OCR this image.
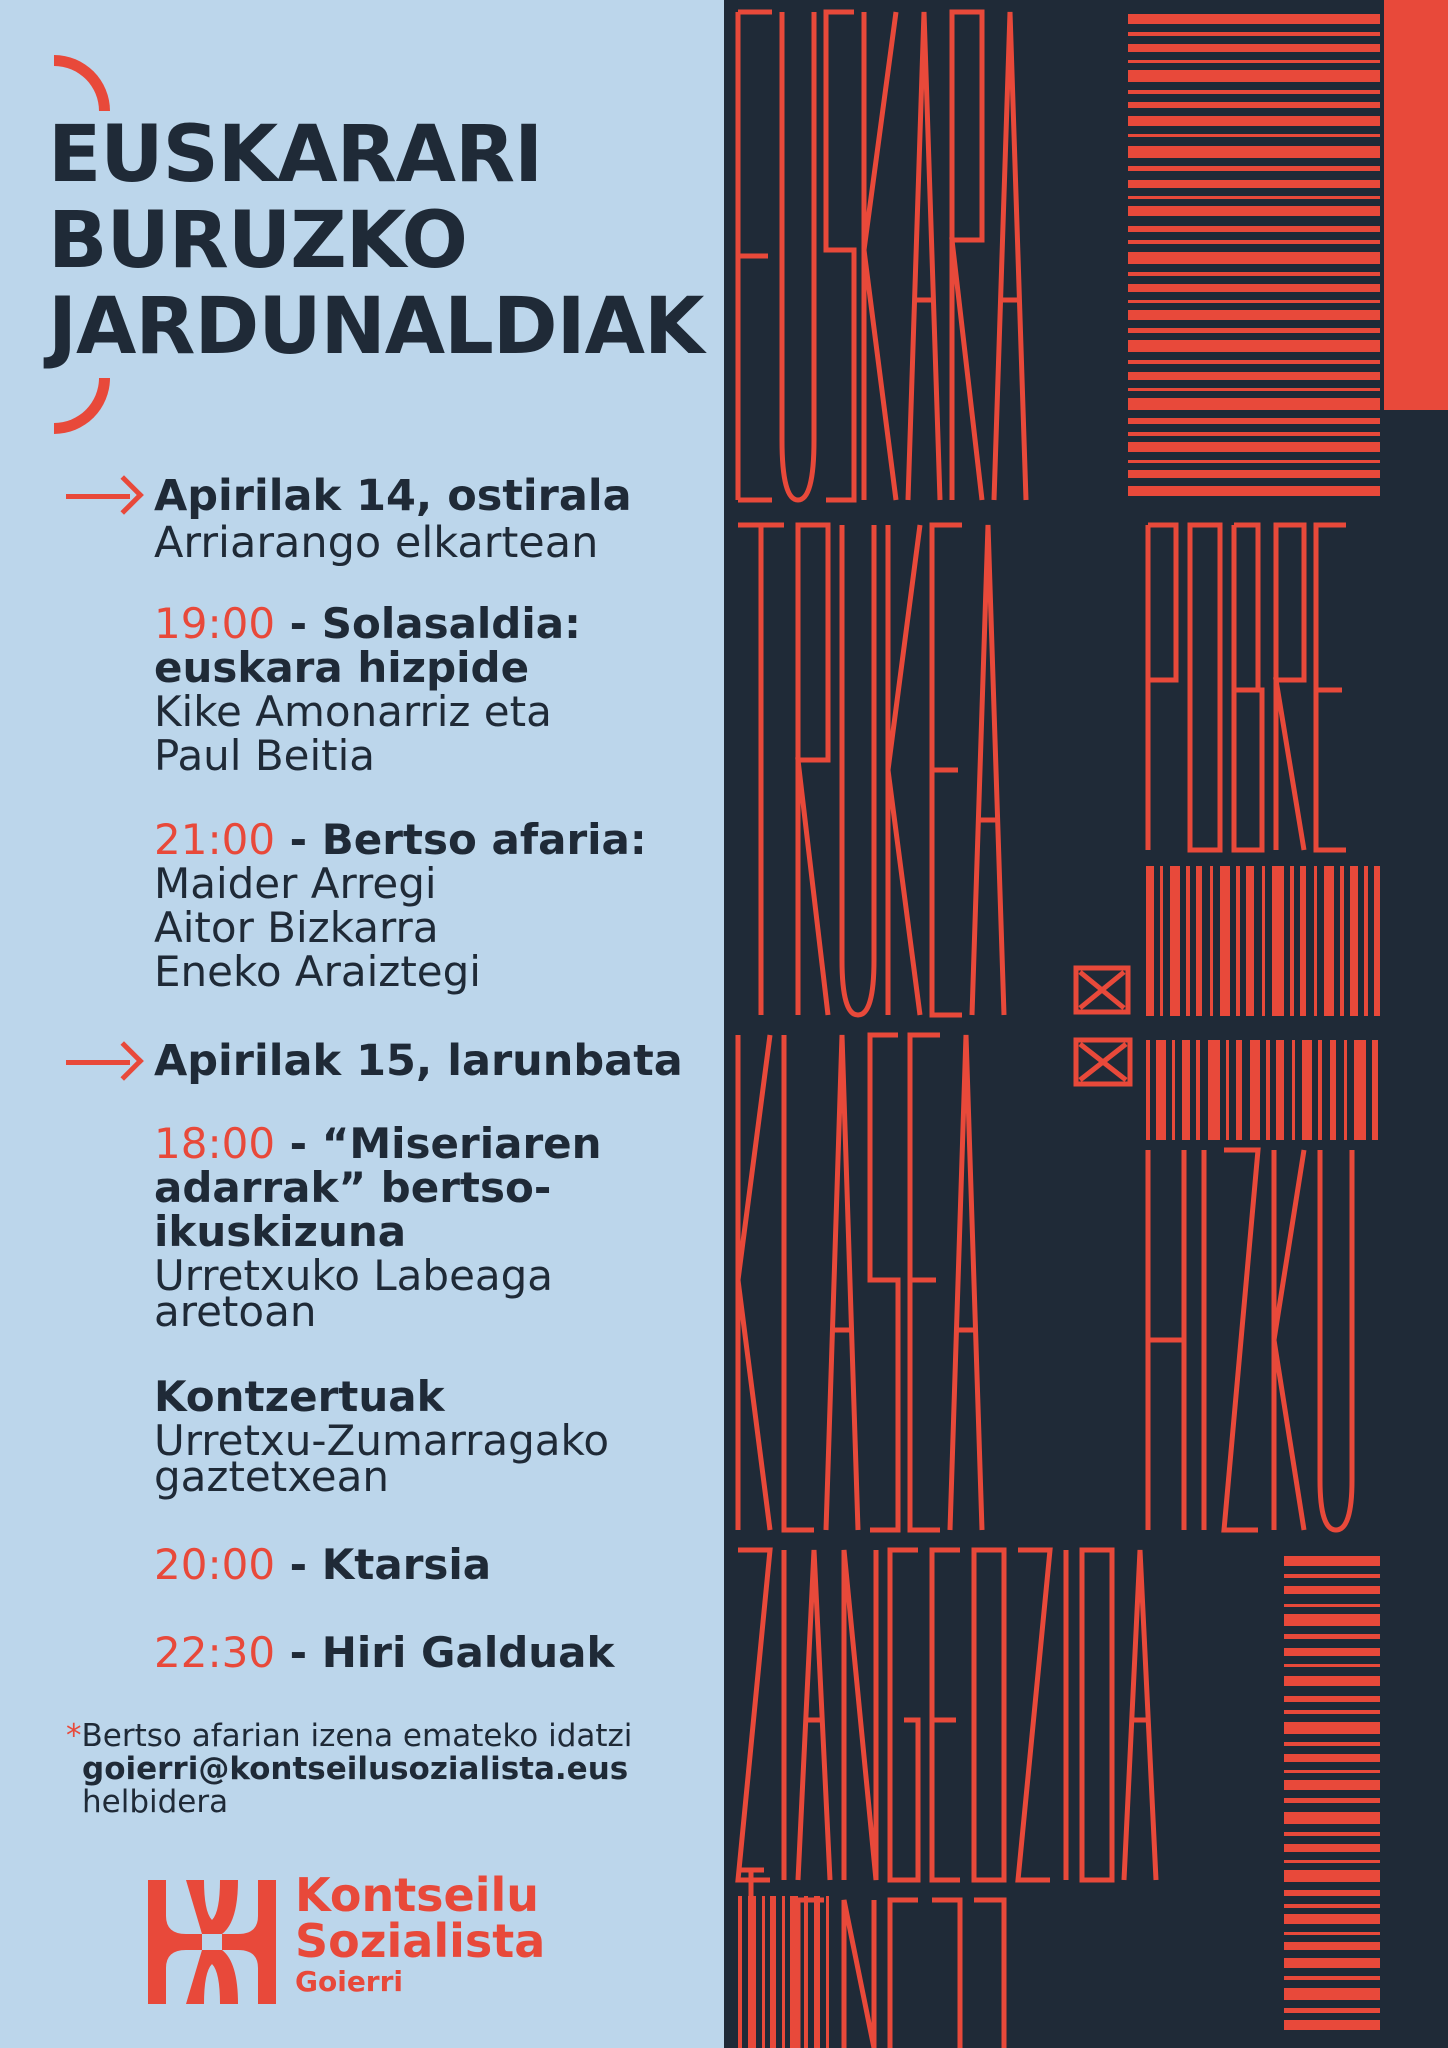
EUSKARARI
BURUZKO
JARDUNALDIAK
Apirilak 14, ostirala
Arriarango elkartean
19:00 - Solasaldia: euskara hizpide
Kike Amonarriz eta
Paul Beitia
21:00 - Bertso afaria:
Maider Arregi
Aitor Bizkarra
Eneko Araiztegi
Apirilak 15, larunbata
18:00 - “Miseriaren adarrak” bertso-ikuskizuna
Urretxuko Labeaga
aretoan
Kontzertuak
Urretxu-Zumarragako
gaztetxean
20:00 - Ktarsia
22:30 - Hiri Galduak
*Bertso afarian izena emateko idatzi
goierri@kontseilusozialista.eus
helbidera
Kontseilu
Sozialista
Goierri
